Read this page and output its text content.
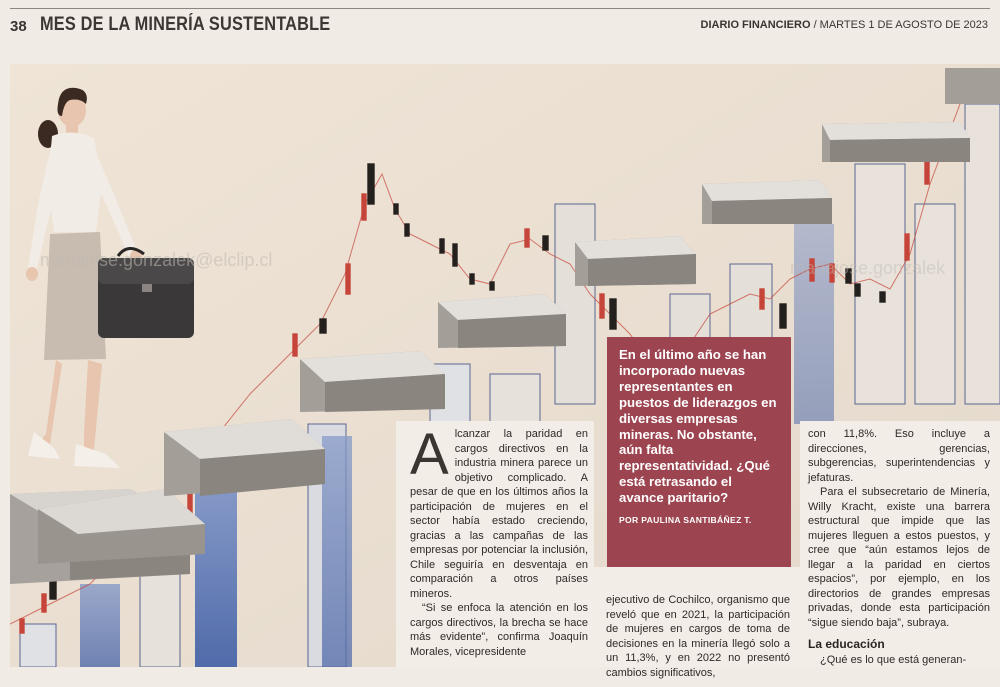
38 MES DE LA MINERÍA SUSTENTABLE	DIARIO FINANCIERO / MARTES 1 DE AGOSTO DE 2023
mariajose.gonzalek@elclip.cl	mariajose.gonzalek
En el último año se han incorporado nuevas representantes en puestos de liderazgos en diversas empresas mineras. No obstante, aún falta representatividad. ¿Qué está retrasando el avance paritario?
POR PAULINA SANTIBÁÑEZ T.
A lcanzar la paridad en cargos directivos en la industria minera parece un objetivo complicado. A pesar de que en los últimos años la participación de mujeres en el sector había estado creciendo, gracias a las campañas de las empresas por potenciar la inclusión, Chile seguiría en desventaja en comparación a otros países mineros.

“Si se enfoca la atención en los cargos directivos, la brecha se hace más evidente”, confirma Joaquín Morales, vicepresidente

ejecutivo de Cochilco, organismo que reveló que en 2021, la participación de mujeres en cargos de toma de decisiones en la minería llegó solo a un 11,3%, y en 2022 no presentó cambios significativos,

con 11,8%. Eso incluye a direcciones, gerencias, subgerencias, superintendencias y jefaturas.

Para el subsecretario de Minería, Willy Kracht, existe una barrera estructural que impide que las mujeres lleguen a estos puestos, y cree que “aún estamos lejos de llegar a la paridad en ciertos espacios”, por ejemplo, en los directorios de grandes empresas privadas, donde esta participación “sigue siendo baja”, subraya.

La educación

¿Qué es lo que está generan-
